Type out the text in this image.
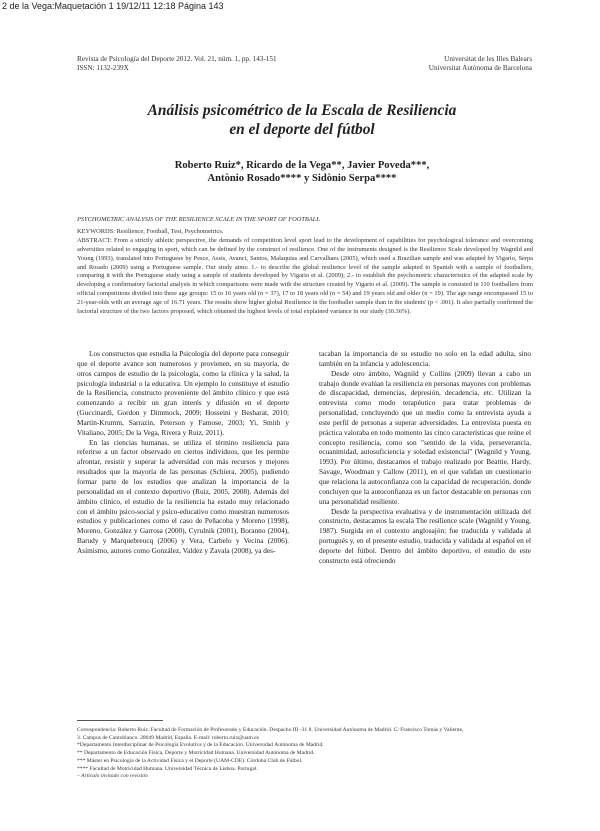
2 de la Vega:Maquetación 1 19/12/11 12:18 Página 143
Revista de Psicología del Deporte 2012. Vol. 21, núm. 1, pp. 143-151
ISSN: 1132-239X
Universitat de les Illes Balears
Universitat Autònoma de Barcelona
Análisis psicométrico de la Escala de Resiliencia
en el deporte del fútbol
Roberto Ruiz*, Ricardo de la Vega**, Javier Poveda***,
Antònio Rosado**** y Sidònio Serpa****

PSYCHOMETRIC ANALYSIS OF THE RESILIENCE SCALE IN THE SPORT OF FOOTBALL

KEYWORDS: Resilience, Football, Test, Psychometrics.

ABSTRACT: From a strictly athletic perspective, the demands of competition level sport lead to the development of capabilities for psychological tolerance and overcoming adversities related to engaging in sport, which can be defined by the construct of resilience. One of the instruments designed is the Resilience Scale developed by Wagnild and Young (1993), translated into Portuguese by Pesce, Assis, Avanci, Santos, Malaquias and Carvalhaes (2005), which used a Brazilian sample and was adapted by Vigario, Serpa and Rosado (2009) using a Portuguese sample. Our study aims: 1.- to describe the global resilience level of the sample adapted to Spanish with a sample of footballers, comparing it with the Portuguese study using a sample of students developed by Vigario et al. (2009); 2.- to establish the psychometric characteristics of the adapted scale by developing a confirmatory factorial analysis in which comparisons were made with the structure created by Vigario et al. (2009). The sample is consisted in 110 footballers from official competitions divided into three age groups: 15 to 16 years old (n = 37), 17 to 18 years old (n = 54) and 19 years old and older (n = 19). The age range encompassed 15 to 21-year-olds with an average age of 16.71 years. The results show higher global Resilience in the footballer sample than in the students' (p < .001). It also partially confirmed the factorial structure of the two factors proposed, which obtained the highest levels of total explained variance in our study (30.36%).

Los constructos que estudia la Psicología del deporte para conseguir que el deporte avance son numerosos y provienen, en su mayoría, de otros campos de estudio de la psicología, como la clínica y la salud, la psicología industrial o la educativa. Un ejemplo lo constituye el estudio de la Resiliencia, constructo proveniente del ámbito clínico y que está comenzando a recibir un gran interés y difusión en el deporte (Guccinardi, Gordon y Dimmock, 2009; Hosseini y Besharat, 2010; Martín-Krumm, Sarrazin, Peterson y Famose, 2003; Yi, Smith y Vitaliano, 2005; De la Vega, Rivera y Ruiz, 2011).

En las ciencias humanas, se utiliza el término resiliencia para referirse a un factor observado en ciertos individuos, que les permite afrontar, resistir y superar la adversidad con más recursos y mejores resultados que la mayoría de las personas (Schiera, 2005), pudiendo formar parte de los estudios que analizan la importancia de la personalidad en el contexto deportivo (Ruiz, 2005, 2008). Además del ámbito clínico, el estudio de la resiliencia ha estado muy relacionado con el ámbito psico-social y psico-educativo como muestran numerosos estudios y publicaciones como el caso de Peñacoba y Moreno (1998), Moreno, González y Garrosa (2000), Cyrulnik (2001), Boranno (2004), Barudy y Marquebreucq (2006) y Vera, Carbelo y Vecina (2006). Asimismo, autores como González, Valdez y Zavala (2008), ya des-

tacaban la importancia de su estudio no solo en la edad adulta, sino también en la infancia y adolescencia.

Desde otro ámbito, Wagnild y Collins (2009) llevan a cabo un trabajo donde evalúan la resiliencia en personas mayores con problemas de discapacidad, demencias, depresión, decadencia, etc. Utilizan la entrevista como modo terapéutico para tratar problemas de personalidad, concluyendo que un medio como la entrevista ayuda a este perfil de personas a superar adversidades. La entrevista puesta en práctica valoraba en todo momento las cinco características que reúne el concepto resiliencia, como son "sentido de la vida, perseverancia, ecuanimidad, autosuficiencia y soledad existencial" (Wagnild y Young, 1993). Por último, destacamos el trabajo realizado por Beattie, Hardy, Savage, Woodman y Callow (2011), en el que validan un cuestionario que relaciona la autoconfianza con la capacidad de recuperación, donde concluyen que la autoconfianza es un factor destacable en personas con una personalidad resiliente.

Desde la perspectiva evaluativa y de instrumentación utilizada del constructo, destacamos la escala The resilience scale (Wagnild y Young, 1987). Surgida en el contexto anglosajón; fue traducida y validada al portugués y, en el presente estudio, traducida y validada al español en el deporte del fútbol. Dentro del ámbito deportivo, el estudio de este constructo está ofreciendo

Correspondencia: Roberto Ruiz. Facultad de Formación de Profesorado y Educación. Despacho III -31 8. Universidad Autónoma de Madrid. C/ Francisco Tomás y Valiente,

3. Campus de Cantoblanco. 28049 Madrid, España. E-mail: roberto.ruiz@uam.es

*Departamento Interdisciplinar de Psicología Evolutiva y de la Educación. Universidad Autónoma de Madrid.

** Departamento de Educación Física, Deporte y Motricidad Humana. Universidad Autónoma de Madrid.

*** Máster en Psicología de la Actividad Física y el Deporte (UAM-COE). Córdoba Club de Fútbol.

**** Facultad de Motricidad Humana. Universidad Técnica de Lisboa. Portugal.

– Artículo invitado con revisión
